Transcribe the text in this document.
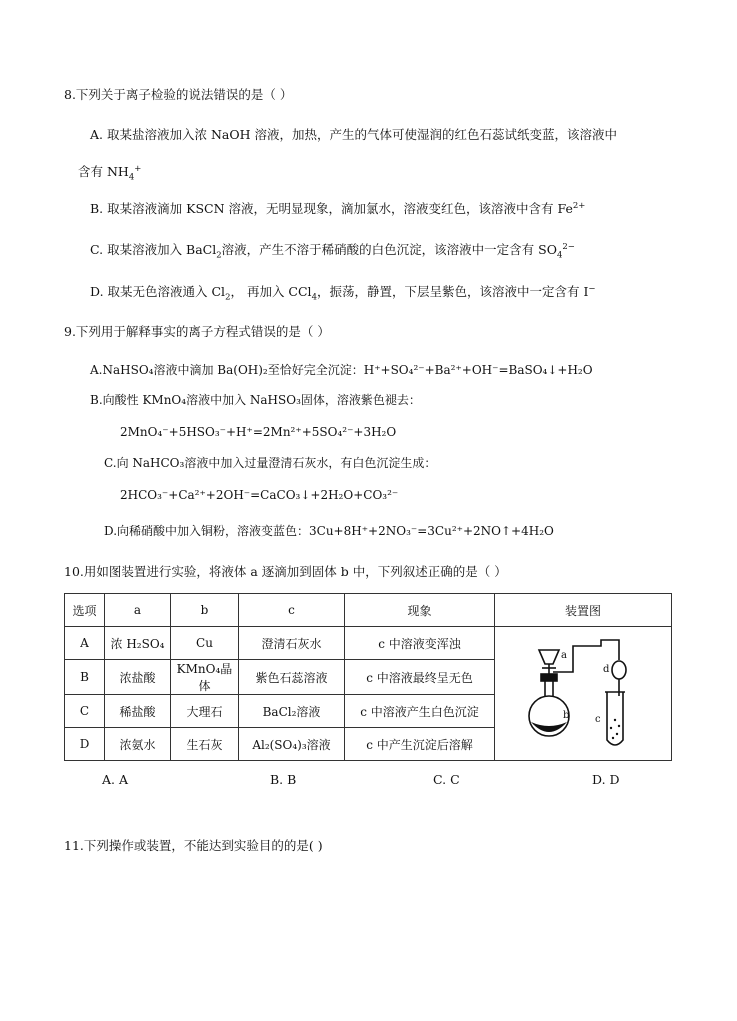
8.下列关于离子检验的说法错误的是（ ）
A. 取某盐溶液加入浓 NaOH 溶液，加热，产生的气体可使湿润的红色石蕊试纸变蓝，该溶液中
含有 $NH_4^+$
B. 取某溶液滴加 KSCN 溶液，无明显现象，滴加氯水，溶液变红色，该溶液中含有 $Fe^{2+}$
C. 取某溶液加入 BaCl$_2$溶液，产生不溶于稀硝酸的白色沉淀，该溶液中一定含有 $SO_4^{2-}$
D. 取某无色溶液通入 $Cl_2$， 再加入 CCl$_4$，振荡，静置，下层呈紫色，该溶液中一定含有 I−
9.下列用于解释事实的离子方程式错误的是（ ）
A.NaHSO₄溶液中滴加 Ba(OH)₂至恰好完全沉淀：H⁺+SO₄²⁻+Ba²⁺+OH⁻=BaSO₄↓+H₂O
B.向酸性 KMnO₄溶液中加入 NaHSO₃固体，溶液紫色褪去：
2MnO₄⁻+5HSO₃⁻+H⁺=2Mn²⁺+5SO₄²⁻+3H₂O
C.向 NaHCO₃溶液中加入过量澄清石灰水，有白色沉淀生成：
2HCO₃⁻+Ca²⁺+2OH⁻=CaCO₃↓+2H₂O+CO₃²⁻
D.向稀硝酸中加入铜粉，溶液变蓝色：3Cu+8H⁺+2NO₃⁻=3Cu²⁺+2NO↑+4H₂O
10.用如图装置进行实验，将液体 a 逐滴加到固体 b 中，下列叙述正确的是（ ）
选项	a	b	c	现象	装置图
A	浓 H₂SO₄	Cu	澄清石灰水	c 中溶液变浑浊	a
b c
d

B	浓盐酸	KMnO₄晶体	紫色石蕊溶液	c 中溶液最终呈无色	
C	稀盐酸	大理石	BaCl₂溶液	c 中溶液产生白色沉淀	
D	浓氨水	生石灰	Al₂(SO₄)₃溶液	c 中产生沉淀后溶解	
A. A	B. B	C. C	D. D
11.下列操作或装置，不能达到实验目的的是( )
